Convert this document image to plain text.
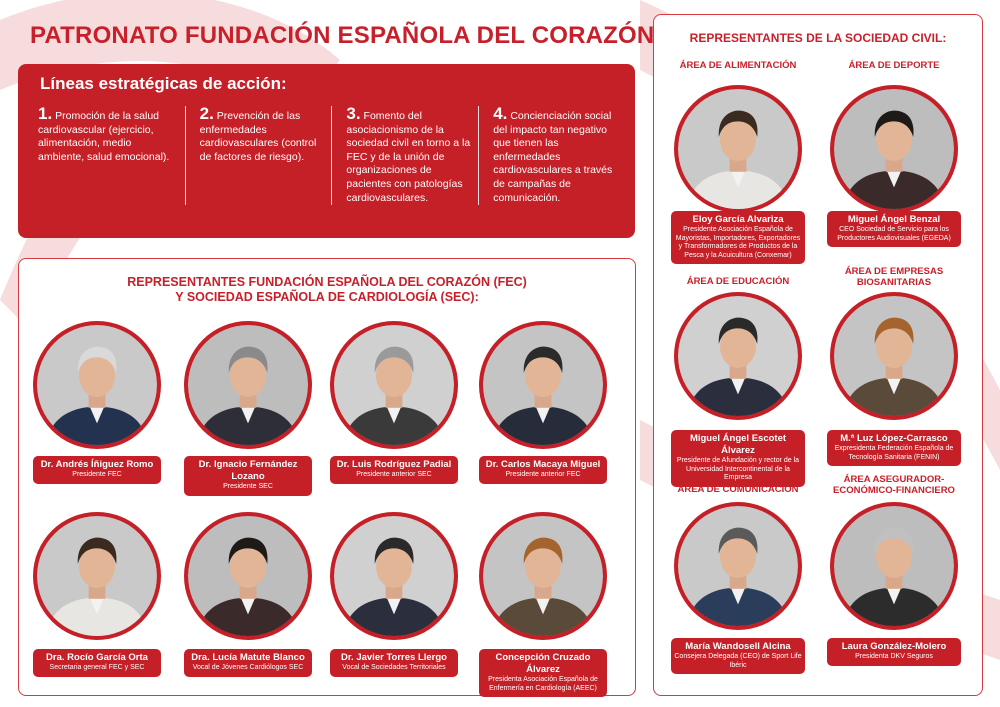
PATRONATO FUNDACIÓN ESPAÑOLA DEL CORAZÓN
Líneas estratégicas de acción:
1. Promoción de la salud cardiovascular (ejercicio, alimentación, medio ambiente, salud emocional).
2. Prevención de las enfermedades cardiovasculares (control de factores de riesgo).
3. Fomento del asociacionismo de la sociedad civil en torno a la FEC y de la unión de organizaciones de pacientes con patologías cardiovasculares.
4. Concienciación social del impacto tan negativo que tienen las enfermedades cardiovasculares a través de campañas de comunicación.
REPRESENTANTES FUNDACIÓN ESPAÑOLA DEL CORAZÓN (FEC)
Y SOCIEDAD ESPAÑOLA DE CARDIOLOGÍA (SEC):
REPRESENTANTES DE LA SOCIEDAD CIVIL:
Dr. Andrés Íñiguez Romo
Presidente FEC
Dr. Ignacio Fernández Lozano
Presidente SEC
Dr. Luis Rodríguez Padial
Presidente anterior SEC
Dr. Carlos Macaya Miguel
Presidente anterior FEC
Dra. Rocío García Orta
Secretaria general FEC y SEC
Dra. Lucía Matute Blanco
Vocal de Jóvenes Cardiólogos SEC
Dr. Javier Torres Llergo
Vocal de Sociedades Territoriales
Concepción Cruzado Álvarez
Presidenta Asociación Española de Enfermería en Cardiología (AEEC)
ÁREA DE ALIMENTACIÓN
Eloy García Alvariza
Presidente Asociación Española de Mayoristas, Importadores, Exportadores y Transformadores de Productos de la Pesca y la Acuicultura (Conxemar)
ÁREA DE DEPORTE
Miguel Ángel Benzal
CEO Sociedad de Servicio para los Productores Audiovisuales (EGEDA)
ÁREA DE EDUCACIÓN
Miguel Ángel Escotet Álvarez
Presidente de Afundación y rector de la Universidad Intercontinental de la Empresa
ÁREA DE EMPRESAS BIOSANITARIAS
M.ª Luz López-Carrasco
Expresidenta Federación Española de Tecnología Sanitaria (FENIN)
ÁREA DE COMUNICACIÓN
María Wandosell Alcina
Consejera Delegada (CEO) de Sport Life Ibéric
ÁREA ASEGURADOR-ECONÓMICO-FINANCIERO
Laura González-Molero
Presidenta DKV Seguros
